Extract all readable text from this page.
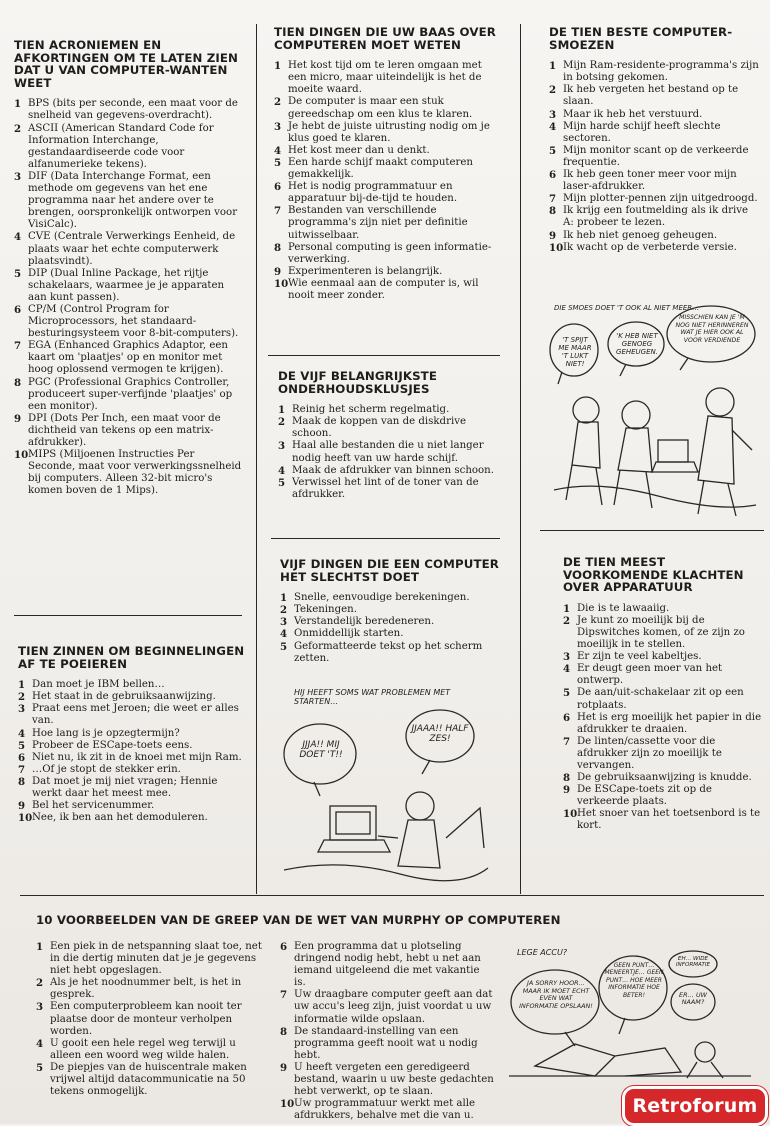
TIEN ACRONIEMEN EN AFKORTINGEN OM TE LATEN ZIEN DAT U VAN COMPUTER-WANTEN WEET
1 BPS (bits per seconde, een maat voor de snelheid van gegevens-overdracht).
2 ASCII (American Standard Code for Information Interchange, gestandaardiseerde code voor alfanumerieke tekens).
3 DIF (Data Interchange Format, een methode om gegevens van het ene programma naar het andere over te brengen, oorspronkelijk ontworpen voor VisiCalc).
4 CVE (Centrale Verwerkings Eenheid, de plaats waar het echte computerwerk plaatsvindt).
5 DIP (Dual Inline Package, het rijtje schakelaars, waarmee je je apparaten aan kunt passen).
6 CP/M (Control Program for Microprocessors, het standaard-besturingsysteem voor 8-bit-computers).
7 EGA (Enhanced Graphics Adaptor, een kaart om 'plaatjes' op en monitor met hoog oplossend vermogen te krijgen).
8 PGC (Professional Graphics Controller, produceert super-verfijnde 'plaatjes' op een monitor).
9 DPI (Dots Per Inch, een maat voor de dichtheid van tekens op een matrix-afdrukker).
10 MIPS (Miljoenen Instructies Per Seconde, maat voor verwerkingssnelheid bij computers. Alleen 32-bit micro's komen boven de 1 Mips).
TIEN ZINNEN OM BEGINNELINGEN AF TE POEIEREN
1 Dan moet je IBM bellen…
2 Het staat in de gebruiksaanwijzing.
3 Praat eens met Jeroen; die weet er alles van.
4 Hoe lang is je opzegtermijn?
5 Probeer de ESCape-toets eens.
6 Niet nu, ik zit in de knoei met mijn Ram.
7 …Of je stopt de stekker erin.
8 Dat moet je mij niet vragen; Hennie werkt daar het meest mee.
9 Bel het servicenummer.
10 Nee, ik ben aan het demoduleren.
TIEN DINGEN DIE UW BAAS OVER COMPUTEREN MOET WETEN
1 Het kost tijd om te leren omgaan met een micro, maar uiteindelijk is het de moeite waard.
2 De computer is maar een stuk gereedschap om een klus te klaren.
3 Je hebt de juiste uitrusting nodig om je klus goed te klaren.
4 Het kost meer dan u denkt.
5 Een harde schijf maakt computeren gemakkelijk.
6 Het is nodig programmatuur en apparatuur bij-de-tijd te houden.
7 Bestanden van verschillende programma's zijn niet per definitie uitwisselbaar.
8 Personal computing is geen informatie-verwerking.
9 Experimenteren is belangrijk.
10 Wie eenmaal aan de computer is, wil nooit meer zonder.
DE VIJF BELANGRIJKSTE ONDERHOUDSKLUSJES
1 Reinig het scherm regelmatig.
2 Maak de koppen van de diskdrive schoon.
3 Haal alle bestanden die u niet langer nodig heeft van uw harde schijf.
4 Maak de afdrukker van binnen schoon.
5 Verwissel het lint of de toner van de afdrukker.
VIJF DINGEN DIE EEN COMPUTER HET SLECHTST DOET
1 Snelle, eenvoudige berekeningen.
2 Tekeningen.
3 Verstandelijk beredeneren.
4 Onmiddellijk starten.
5 Geformatteerde tekst op het scherm zetten.
DE TIEN BESTE COMPUTER-SMOEZEN
1 Mijn Ram-residente-programma's zijn in botsing gekomen.
2 Ik heb vergeten het bestand op te slaan.
3 Maar ik heb het verstuurd.
4 Mijn harde schijf heeft slechte sectoren.
5 Mijn monitor scant op de verkeerde frequentie.
6 Ik heb geen toner meer voor mijn laser-afdrukker.
7 Mijn plotter-pennen zijn uitgedroogd.
8 Ik krijg een foutmelding als ik drive A: probeer te lezen.
9 Ik heb niet genoeg geheugen.
10 Ik wacht op de verbeterde versie.
DE TIEN MEEST VOORKOMENDE KLACHTEN OVER APPARATUUR
1 Die is te lawaaiig.
2 Je kunt zo moeilijk bij de Dipswitches komen, of ze zijn zo moeilijk in te stellen.
3 Er zijn te veel kabeltjes.
4 Er deugt geen moer van het ontwerp.
5 De aan/uit-schakelaar zit op een rotplaats.
6 Het is erg moeilijk het papier in die afdrukker te draaien.
7 De linten/cassette voor die afdrukker zijn zo moeilijk te vervangen.
8 De gebruiksaanwijzing is knudde.
9 De ESCape-toets zit op de verkeerde plaats.
10 Het snoer van het toetsenbord is te kort.
10 VOORBEELDEN VAN DE GREEP VAN DE WET VAN MURPHY OP COMPUTEREN
1 Een piek in de netspanning slaat toe, net in die dertig minuten dat je je gegevens niet hebt opgeslagen.
2 Als je het noodnummer belt, is het in gesprek.
3 Een computerprobleem kan nooit ter plaatse door de monteur verholpen worden.
4 U gooit een hele regel weg terwijl u alleen een woord weg wilde halen.
5 De piepjes van de huiscentrale maken vrijwel altijd datacommunicatie na 50 tekens onmogelijk.
6 Een programma dat u plotseling dringend nodig hebt, hebt u net aan iemand uitgeleend die met vakantie is.
7 Uw draagbare computer geeft aan dat uw accu's leeg zijn, juist voordat u uw informatie wilde opslaan.
8 De standaard-instelling van een programma geeft nooit wat u nodig hebt.
9 U heeft vergeten een geredigeerd bestand, waarin u uw beste gedachten hebt verwerkt, op te slaan.
10 Uw programmatuur werkt met alle afdrukkers, behalve met die van u.
DIE SMOES DOET 'T OOK AL NIET MEER…
'T SPIJT ME MAAR 'T LUKT NIET!
'K HEB NIET GENOEG GEHEUGEN.
MISSCHIEN KAN JE 'M NOG NIET HERINNEREN WAT JE HIER OOK AL VOOR VERDIENDE
HIJ HEEFT SOMS WAT PROBLEMEN MET STARTEN…
JJJA!! MIJ DOET 'T!!
JJAAA!! HALF ZES!
LEGE ACCU?
JA SORRY HOOR… MAAR IK MOET ECHT EVEN WAT INFORMATIE OPSLAAN!
GEEN PUNT… MENEERTJE… GEEN PUNT… HOE MEER INFORMATIE HOE BETER!
EH… WIDE INFORMATIE
ER… UW NAAM?
Retroforum
